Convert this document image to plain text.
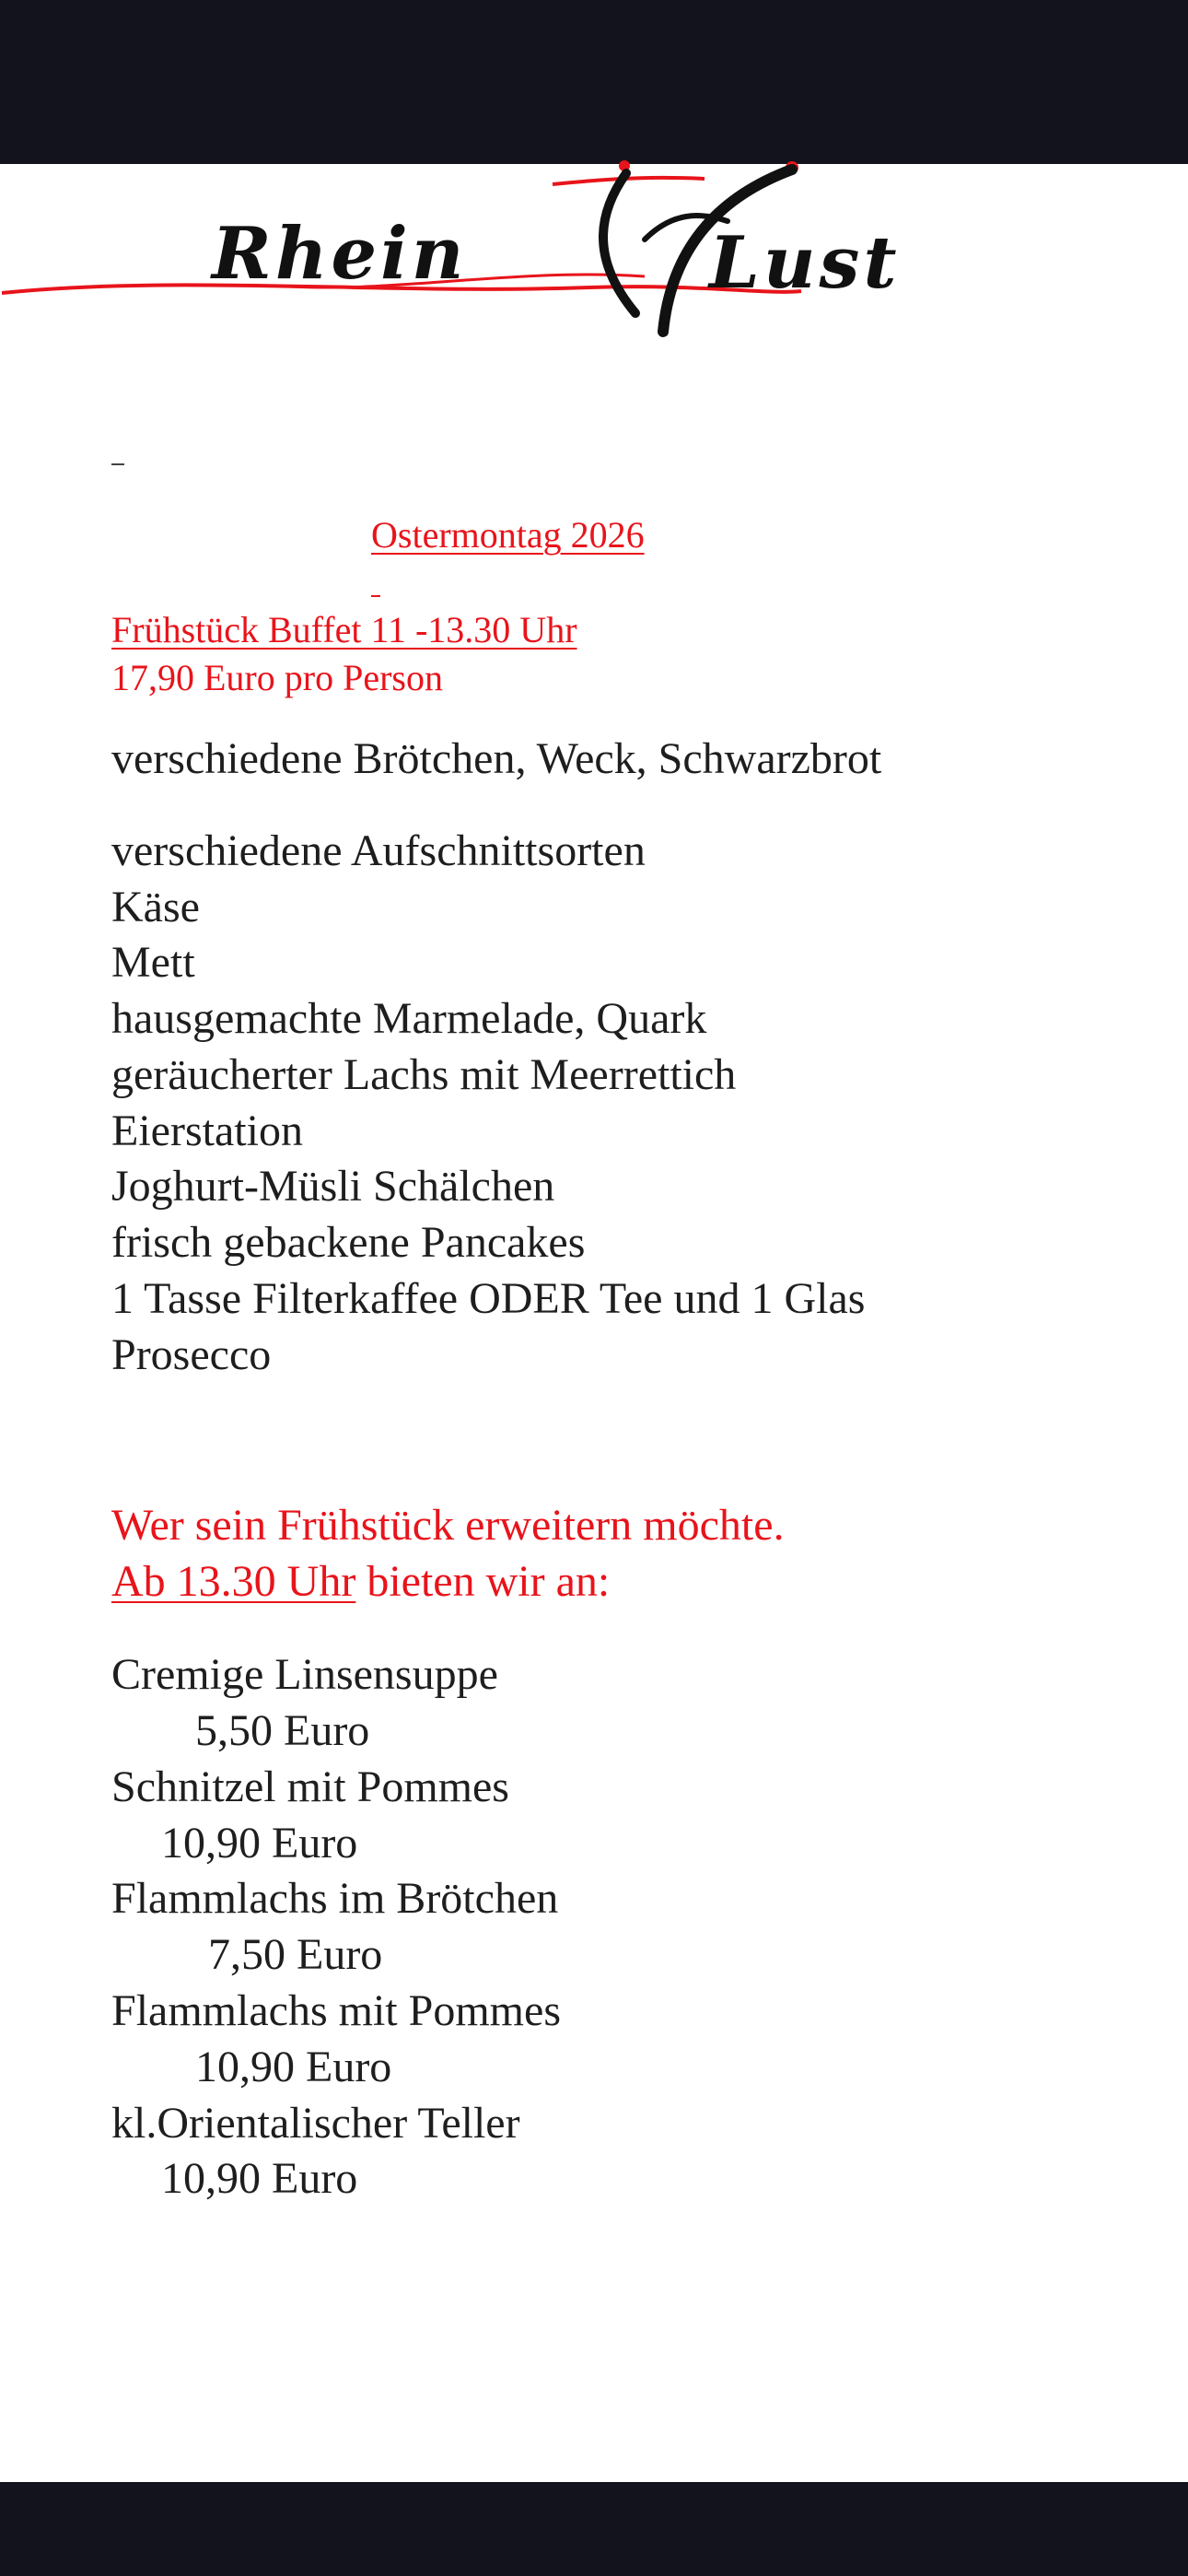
Rhein	Lust

Ostermontag 2026

Frühstück Buffet 11 -13.30 Uhr

17,90 Euro pro Person

verschiedene Brötchen, Weck, Schwarzbrot

verschiedene Aufschnittsorten

Käse

Mett

hausgemachte Marmelade, Quark

geräucherter Lachs mit Meerrettich

Eierstation

Joghurt-Müsli Schälchen

frisch gebackene Pancakes

1 Tasse Filterkaffee ODER Tee und 1 Glas

Prosecco

Wer sein Frühstück erweitern möchte.

Ab 13.30 Uhr bieten wir an:

Cremige Linsensuppe

5,50 Euro

Schnitzel mit Pommes

10,90 Euro

Flammlachs im Brötchen

7,50 Euro

Flammlachs mit Pommes

10,90 Euro

kl.Orientalischer Teller

10,90 Euro
